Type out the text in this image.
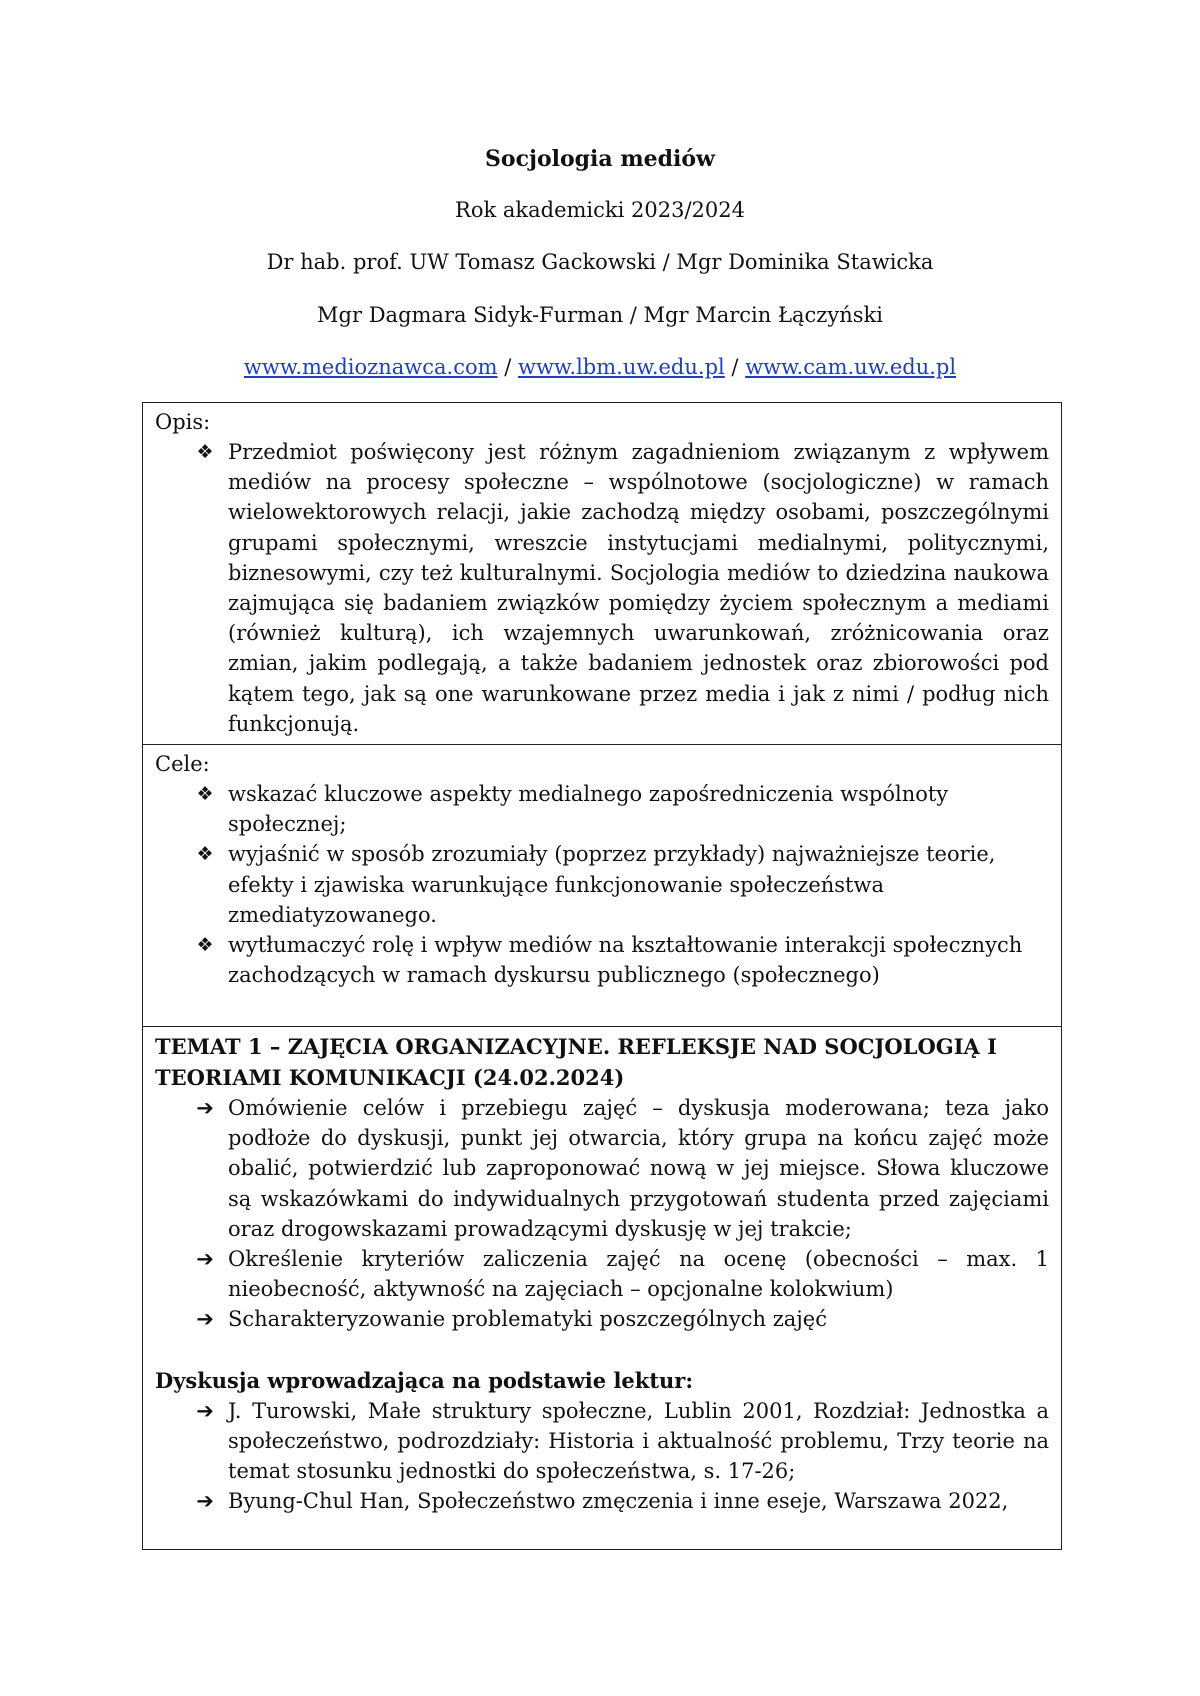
Socjologia mediów
Rok akademicki 2023/2024
Dr hab. prof. UW Tomasz Gackowski / Mgr Dominika Stawicka
Mgr Dagmara Sidyk-Furman / Mgr Marcin Łączyński
www.medioznawca.com / www.lbm.uw.edu.pl / www.cam.uw.edu.pl
Opis:
❖ Przedmiot poświęcony jest różnym zagadnieniom związanym z wpływem mediów na procesy społeczne – wspólnotowe (socjologiczne) w ramach wielowektorowych relacji, jakie zachodzą między osobami, poszczególnymi grupami społecznymi, wreszcie instytucjami medialnymi, politycznymi, biznesowymi, czy też kulturalnymi. Socjologia mediów to dziedzina naukowa zajmująca się badaniem związków pomiędzy życiem społecznym a mediami (również kulturą), ich wzajemnych uwarunkowań, zróżnicowania oraz zmian, jakim podlegają, a także badaniem jednostek oraz zbiorowości pod kątem tego, jak są one warunkowane przez media i jak z nimi / podług nich funkcjonują.
Cele:
❖ wskazać kluczowe aspekty medialnego zapośredniczenia wspólnoty społecznej;
❖ wyjaśnić w sposób zrozumiały (poprzez przykłady) najważniejsze teorie, efekty i zjawiska warunkujące funkcjonowanie społeczeństwa zmediatyzowanego.
❖ wytłumaczyć rolę i wpływ mediów na kształtowanie interakcji społecznych zachodzących w ramach dyskursu publicznego (społecznego)
TEMAT 1 – ZAJĘCIA ORGANIZACYJNE. REFLEKSJE NAD SOCJOLOGIĄ I TEORIAMI KOMUNIKACJI (24.02.2024)
➔ Omówienie celów i przebiegu zajęć – dyskusja moderowana; teza jako podłoże do dyskusji, punkt jej otwarcia, który grupa na końcu zajęć może obalić, potwierdzić lub zaproponować nową w jej miejsce. Słowa kluczowe są wskazówkami do indywidualnych przygotowań studenta przed zajęciami oraz drogowskazami prowadzącymi dyskusję w jej trakcie;
➔ Określenie kryteriów zaliczenia zajęć na ocenę (obecności – max. 1 nieobecność, aktywność na zajęciach – opcjonalne kolokwium)
➔ Scharakteryzowanie problematyki poszczególnych zajęć
Dyskusja wprowadzająca na podstawie lektur:
➔ J. Turowski, Małe struktury społeczne, Lublin 2001, Rozdział: Jednostka a społeczeństwo, podrozdziały: Historia i aktualność problemu, Trzy teorie na temat stosunku jednostki do społeczeństwa, s. 17-26;
➔ Byung-Chul Han, Społeczeństwo zmęczenia i inne eseje, Warszawa 2022,
